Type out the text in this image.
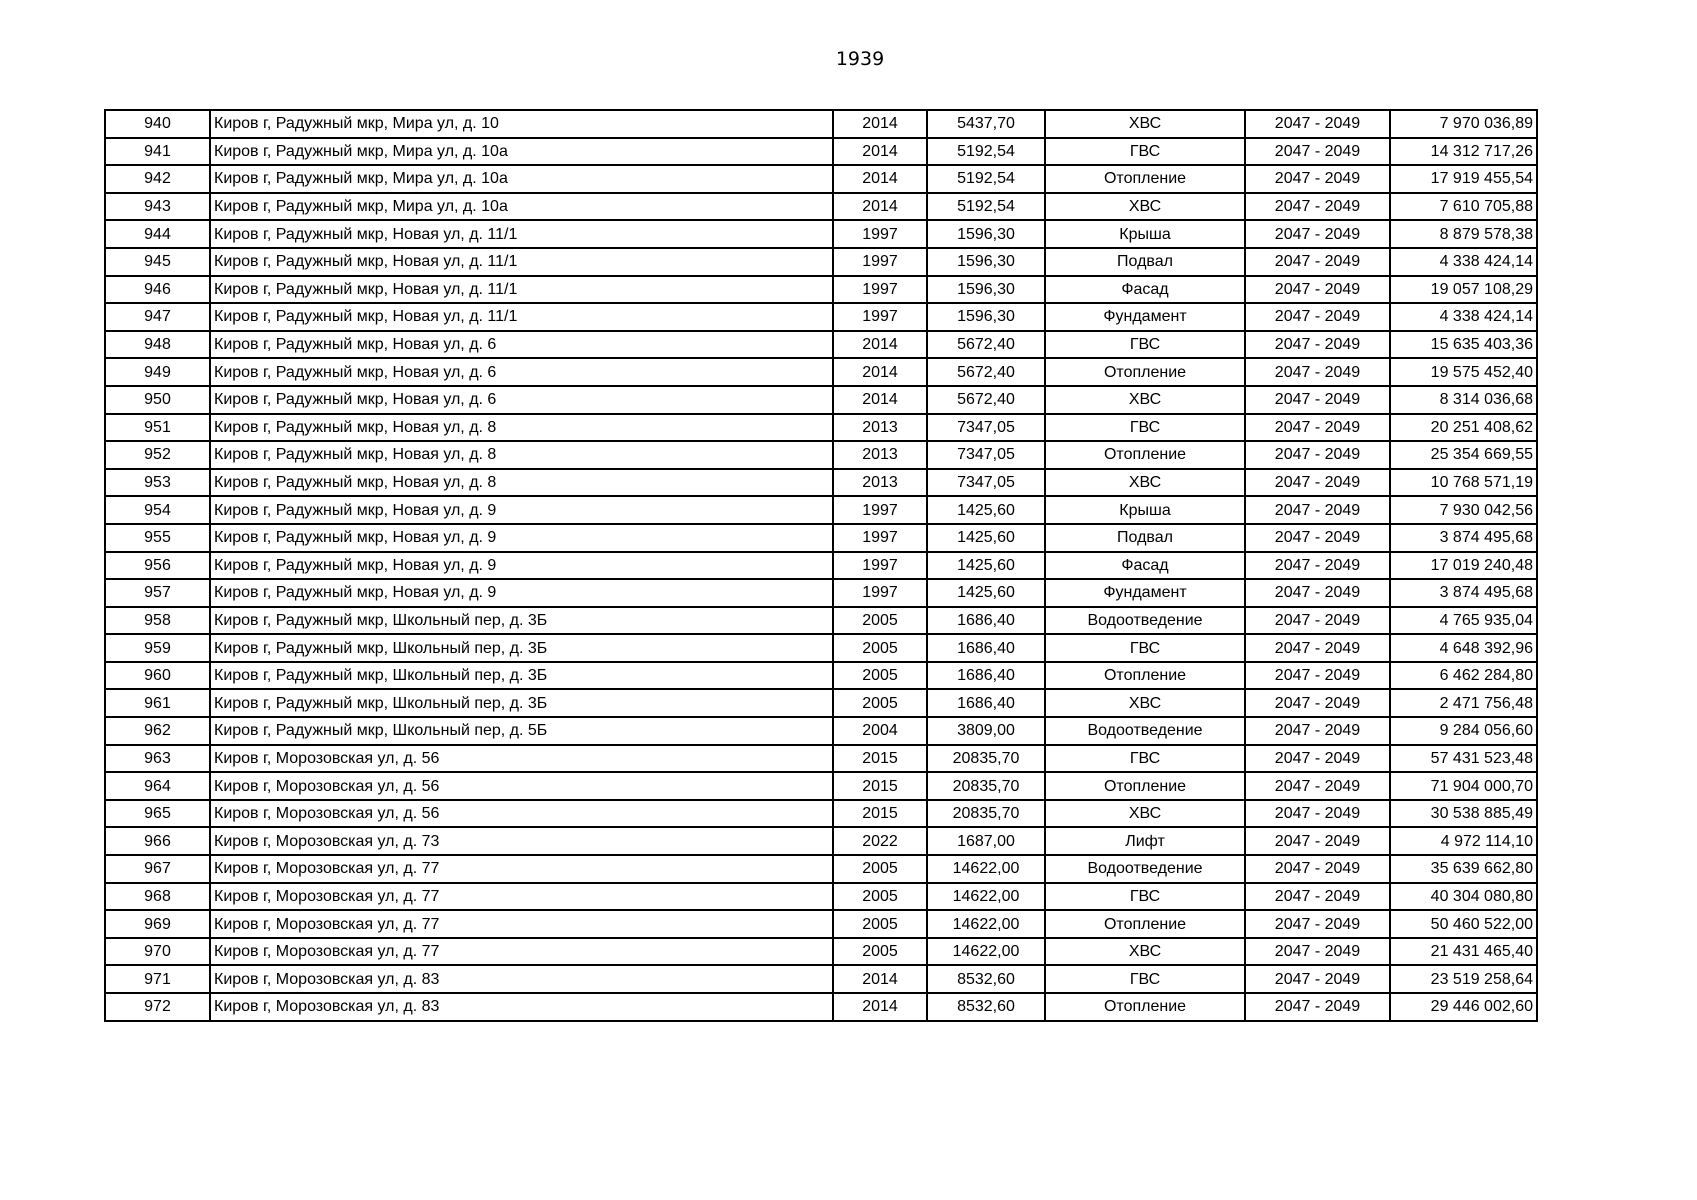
1939
940	Киров г, Радужный мкр, Мира ул, д. 10	2014	5437,70	ХВС	2047 - 2049	7 970 036,89
941	Киров г, Радужный мкр, Мира ул, д. 10а	2014	5192,54	ГВС	2047 - 2049	14 312 717,26
942	Киров г, Радужный мкр, Мира ул, д. 10а	2014	5192,54	Отопление	2047 - 2049	17 919 455,54
943	Киров г, Радужный мкр, Мира ул, д. 10а	2014	5192,54	ХВС	2047 - 2049	7 610 705,88
944	Киров г, Радужный мкр, Новая ул, д. 11/1	1997	1596,30	Крыша	2047 - 2049	8 879 578,38
945	Киров г, Радужный мкр, Новая ул, д. 11/1	1997	1596,30	Подвал	2047 - 2049	4 338 424,14
946	Киров г, Радужный мкр, Новая ул, д. 11/1	1997	1596,30	Фасад	2047 - 2049	19 057 108,29
947	Киров г, Радужный мкр, Новая ул, д. 11/1	1997	1596,30	Фундамент	2047 - 2049	4 338 424,14
948	Киров г, Радужный мкр, Новая ул, д. 6	2014	5672,40	ГВС	2047 - 2049	15 635 403,36
949	Киров г, Радужный мкр, Новая ул, д. 6	2014	5672,40	Отопление	2047 - 2049	19 575 452,40
950	Киров г, Радужный мкр, Новая ул, д. 6	2014	5672,40	ХВС	2047 - 2049	8 314 036,68
951	Киров г, Радужный мкр, Новая ул, д. 8	2013	7347,05	ГВС	2047 - 2049	20 251 408,62
952	Киров г, Радужный мкр, Новая ул, д. 8	2013	7347,05	Отопление	2047 - 2049	25 354 669,55
953	Киров г, Радужный мкр, Новая ул, д. 8	2013	7347,05	ХВС	2047 - 2049	10 768 571,19
954	Киров г, Радужный мкр, Новая ул, д. 9	1997	1425,60	Крыша	2047 - 2049	7 930 042,56
955	Киров г, Радужный мкр, Новая ул, д. 9	1997	1425,60	Подвал	2047 - 2049	3 874 495,68
956	Киров г, Радужный мкр, Новая ул, д. 9	1997	1425,60	Фасад	2047 - 2049	17 019 240,48
957	Киров г, Радужный мкр, Новая ул, д. 9	1997	1425,60	Фундамент	2047 - 2049	3 874 495,68
958	Киров г, Радужный мкр, Школьный пер, д. 3Б	2005	1686,40	Водоотведение	2047 - 2049	4 765 935,04
959	Киров г, Радужный мкр, Школьный пер, д. 3Б	2005	1686,40	ГВС	2047 - 2049	4 648 392,96
960	Киров г, Радужный мкр, Школьный пер, д. 3Б	2005	1686,40	Отопление	2047 - 2049	6 462 284,80
961	Киров г, Радужный мкр, Школьный пер, д. 3Б	2005	1686,40	ХВС	2047 - 2049	2 471 756,48
962	Киров г, Радужный мкр, Школьный пер, д. 5Б	2004	3809,00	Водоотведение	2047 - 2049	9 284 056,60
963	Киров г, Морозовская ул, д. 56	2015	20835,70	ГВС	2047 - 2049	57 431 523,48
964	Киров г, Морозовская ул, д. 56	2015	20835,70	Отопление	2047 - 2049	71 904 000,70
965	Киров г, Морозовская ул, д. 56	2015	20835,70	ХВС	2047 - 2049	30 538 885,49
966	Киров г, Морозовская ул, д. 73	2022	1687,00	Лифт	2047 - 2049	4 972 114,10
967	Киров г, Морозовская ул, д. 77	2005	14622,00	Водоотведение	2047 - 2049	35 639 662,80
968	Киров г, Морозовская ул, д. 77	2005	14622,00	ГВС	2047 - 2049	40 304 080,80
969	Киров г, Морозовская ул, д. 77	2005	14622,00	Отопление	2047 - 2049	50 460 522,00
970	Киров г, Морозовская ул, д. 77	2005	14622,00	ХВС	2047 - 2049	21 431 465,40
971	Киров г, Морозовская ул, д. 83	2014	8532,60	ГВС	2047 - 2049	23 519 258,64
972	Киров г, Морозовская ул, д. 83	2014	8532,60	Отопление	2047 - 2049	29 446 002,60
